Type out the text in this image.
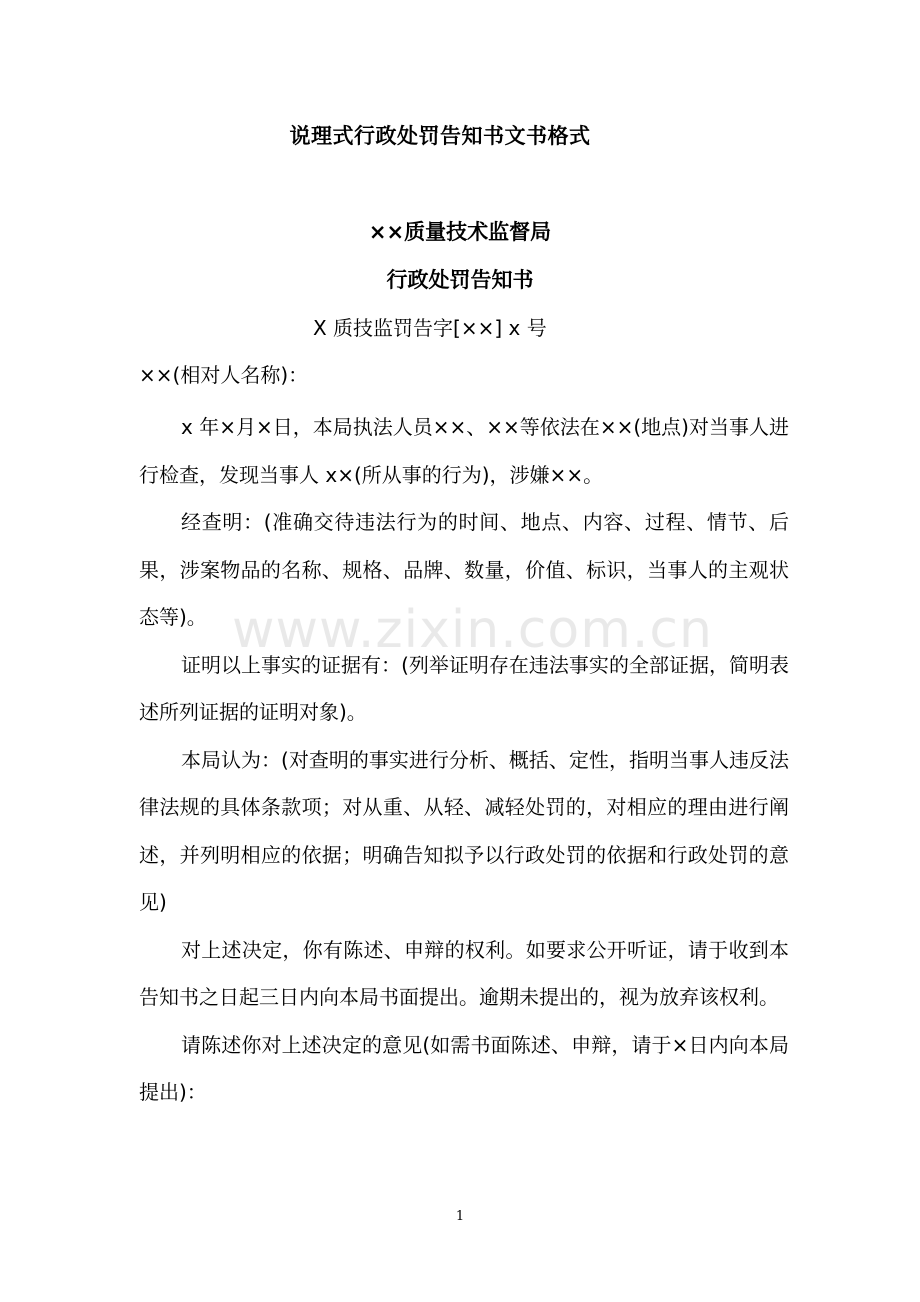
说理式行政处罚告知书文书格式
××质量技术监督局
行政处罚告知书
X 质技监罚告字[××] x 号
××(相对人名称)：

x 年×月×日，本局执法人员××、××等依法在××(地点)对当事人进行检查，发现当事人 x×(所从事的行为)，涉嫌××。

经查明：(准确交待违法行为的时间、地点、内容、过程、情节、后果，涉案物品的名称、规格、品牌、数量，价值、标识，当事人的主观状态等)。

证明以上事实的证据有：(列举证明存在违法事实的全部证据，简明表述所列证据的证明对象)。

本局认为：(对查明的事实进行分析、概括、定性，指明当事人违反法律法规的具体条款项；对从重、从轻、减轻处罚的，对相应的理由进行阐述，并列明相应的依据；明确告知拟予以行政处罚的依据和行政处罚的意见)

对上述决定，你有陈述、申辩的权利。如要求公开听证，请于收到本告知书之日起三日内向本局书面提出。逾期未提出的，视为放弃该权利。

请陈述你对上述决定的意见(如需书面陈述、申辩，请于×日内向本局提出)：

www.zixin.com.cn
1
